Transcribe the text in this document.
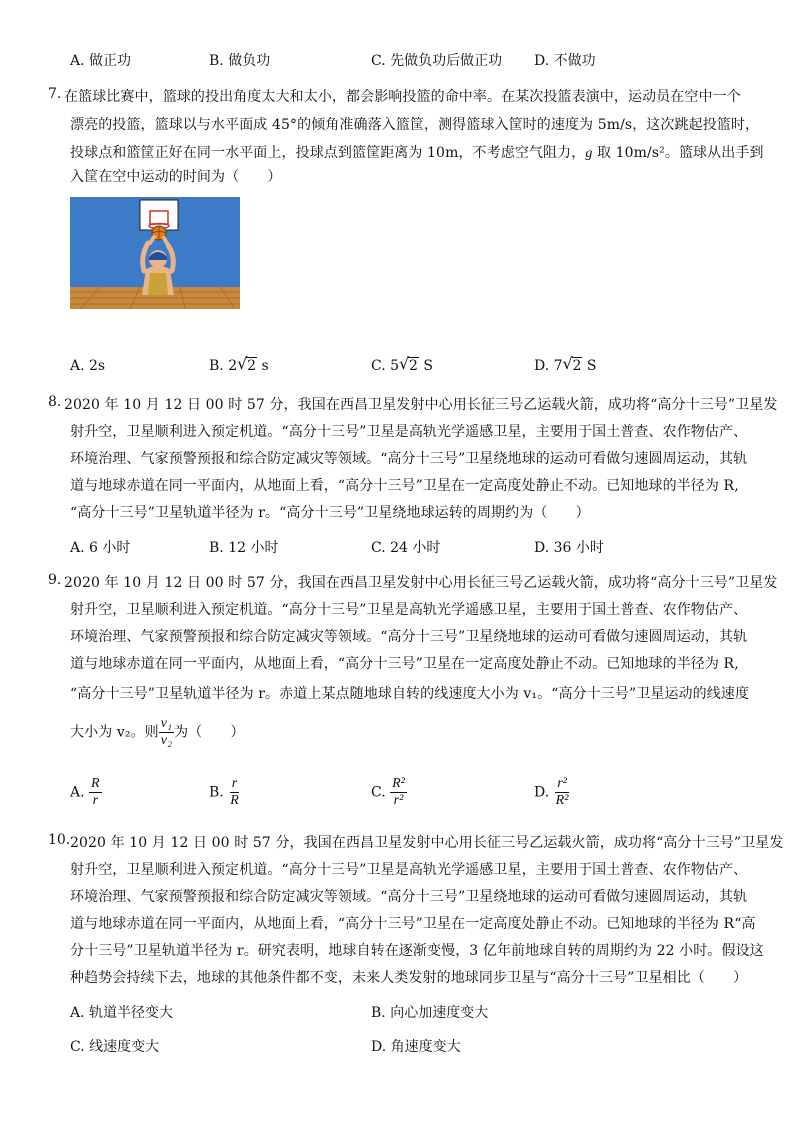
A. 做正功	B. 做负功	C. 先做负功后做正功 D. 不做功
7. 在篮球比赛中，篮球的投出角度太大和太小，都会影响投篮的命中率。在某次投篮表演中，运动员在空中一个
漂亮的投篮，篮球以与水平面成 45°的倾角准确落入篮筐，测得篮球入筐时的速度为 5m/s，这次跳起投篮时，
投球点和篮筐正好在同一水平面上，投球点到篮筐距离为 10m，不考虑空气阻力，g 取 10m/s²。篮球从出手到
入筐在空中运动的时间为（　　）
A. 2s	B. 2 √ 2 s	C. 5 √ 2 S	D. 7 √ 2 S
8. 2020 年 10 月 12 日 00 时 57 分，我国在西昌卫星发射中心用长征三号乙运载火箭，成功将“高分十三号”卫星发
射升空，卫星顺利进入预定机道。“高分十三号”卫星是高轨光学遥感卫星，主要用于国土普查、农作物估产、
环境治理、气家预警预报和综合防定减灾等领域。“高分十三号”卫星绕地球的运动可看做匀速圆周运动，其轨
道与地球赤道在同一平面内，从地面上看，“高分十三号”卫星在一定高度处静止不动。已知地球的半径为 R,
“高分十三号”卫星轨道半径为 r。“高分十三号”卫星绕地球运转的周期约为（　　）
A. 6 小时	B. 12 小时	C. 24 小时	D. 36 小时
9. 2020 年 10 月 12 日 00 时 57 分，我国在西昌卫星发射中心用长征三号乙运载火箭，成功将“高分十三号”卫星发
射升空，卫星顺利进入预定机道。“高分十三号”卫星是高轨光学遥感卫星，主要用于国土普查、农作物估产、
环境治理、气家预警预报和综合防定减灾等领域。“高分十三号”卫星绕地球的运动可看做匀速圆周运动，其轨
道与地球赤道在同一平面内，从地面上看，“高分十三号”卫星在一定高度处静止不动。已知地球的半径为 R,
“高分十三号”卫星轨道半径为 r。赤道上某点随地球自转的线速度大小为 v₁。“高分十三号”卫星运动的线速度
大小为 v₂。则 $\frac{\text{v₁}}{\text{v₂}}$ 为（　　）
A. $\frac{R}{r}$	B. $\frac{r}{R}$	C. $\frac{\text{R²}}{\text{r²}}$	D. $\frac{\text{r²}}{\text{R²}}$
10. 2020 年 10 月 12 日 00 时 57 分，我国在西昌卫星发射中心用长征三号乙运载火箭，成功将“高分十三号”卫星发
射升空，卫星顺利进入预定机道。“高分十三号”卫星是高轨光学遥感卫星，主要用于国土普查、农作物估产、
环境治理、气家预警预报和综合防定减灾等领域。“高分十三号”卫星绕地球的运动可看做匀速圆周运动，其轨
道与地球赤道在同一平面内，从地面上看，“高分十三号”卫星在一定高度处静止不动。已知地球的半径为 R“高
分十三号”卫星轨道半径为 r。研究表明，地球自转在逐渐变慢，3 亿年前地球自转的周期约为 22 小时。假设这
种趋势会持续下去，地球的其他条件都不变，未来人类发射的地球同步卫星与“高分十三号”卫星相比（　　）
A. 轨道半径变大	B. 向心加速度变大
C. 线速度变大	D. 角速度变大
